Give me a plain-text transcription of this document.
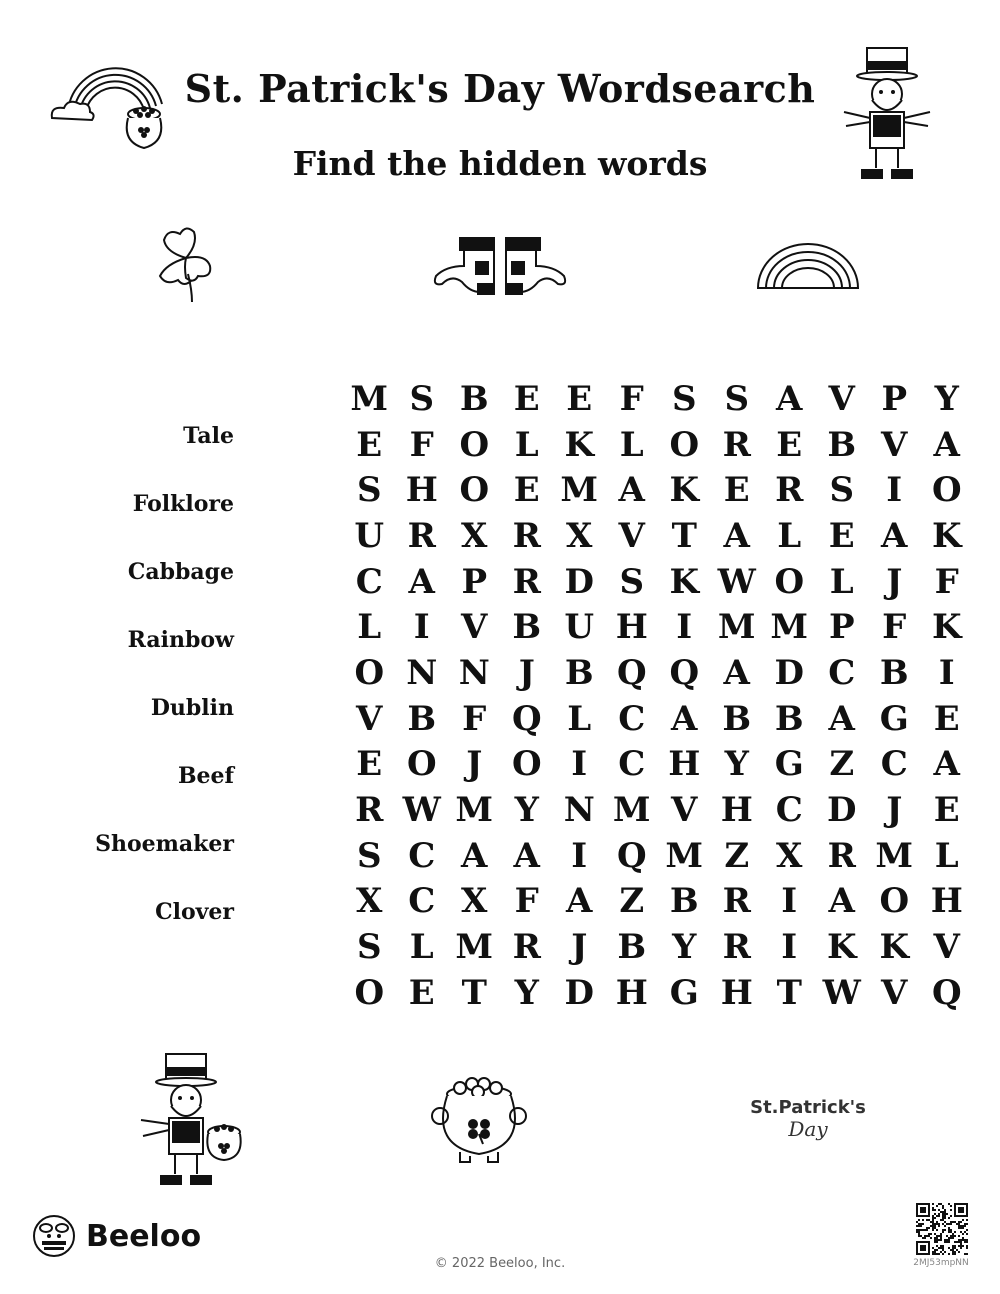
St. Patrick's Day Wordsearch
Find the hidden words
Tale
Folklore
Cabbage
Rainbow
Dublin
Beef
Shoemaker
Clover
M S B E E F S S A V P Y
E F O L K L O R E B V A
S H O E M A K E R S I O
U R X R X V T A L E A K
C A P R D S K W O L J F
L I V B U H I M M P F K
O N N J B Q Q A D C B I
V B F Q L C A B B A G E
E O J O I C H Y G Z C A
R W M Y N M V H C D J E
S C A A I Q M Z X R M L
X C X F A Z B R I A O H
S L M R J B Y R I K K V
O E T Y D H G H T W V Q
St.Patrick's
Day
Beeloo
© 2022 Beeloo, Inc.	2MJ53mpNN
